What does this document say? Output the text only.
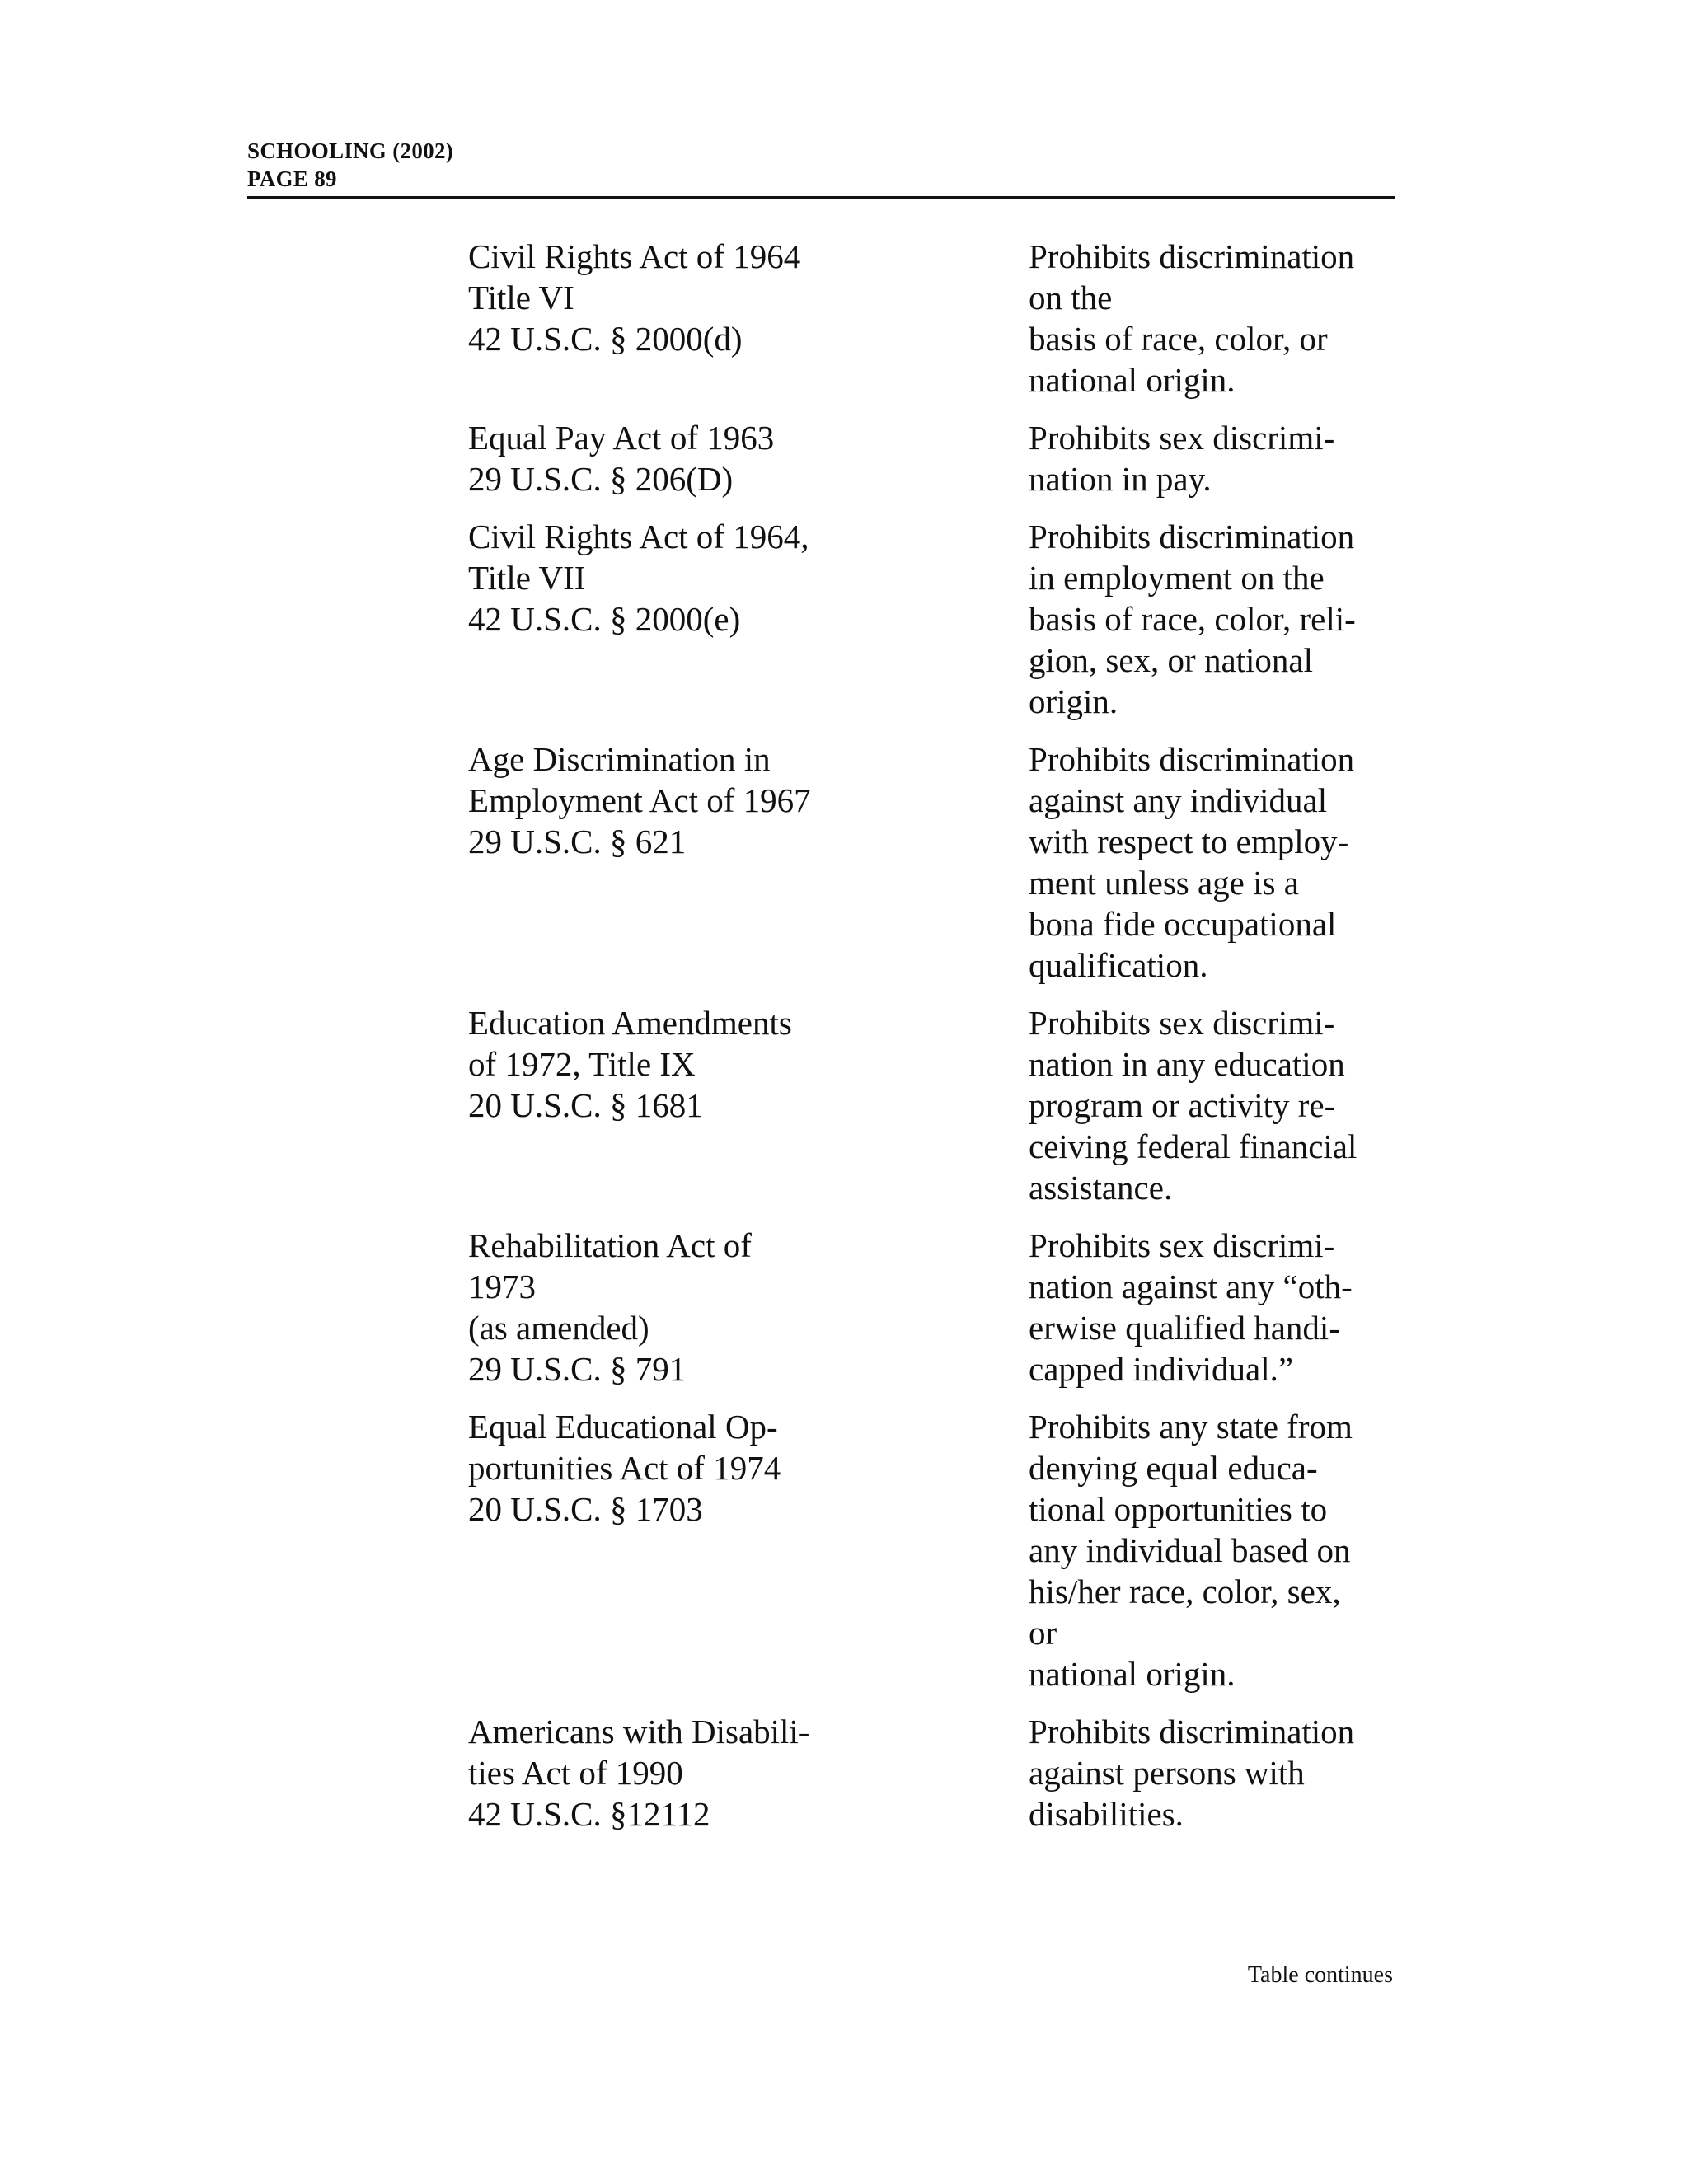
SCHOOLING (2002)
PAGE 89
Civil Rights Act of 1964
Title VI
42 U.S.C. § 2000(d)
Prohibits discrimination
on the
basis of race, color, or
national origin.
Equal Pay Act of 1963
29 U.S.C. § 206(D)
Prohibits sex discrimi-
nation in pay.
Civil Rights Act of 1964,
Title VII
42 U.S.C. § 2000(e)
Prohibits discrimination
in employment on the
basis of race, color, reli-
gion, sex, or national
origin.
Age Discrimination in
Employment Act of 1967
29 U.S.C. § 621
Prohibits discrimination
against any individual
with respect to employ-
ment unless age is a
bona fide occupational
qualification.
Education Amendments
of 1972, Title IX
20 U.S.C. § 1681
Prohibits sex discrimi-
nation in any education
program or activity re-
ceiving federal financial
assistance.
Rehabilitation Act of
1973
(as amended)
29 U.S.C. § 791
Prohibits sex discrimi-
nation against any “oth-
erwise qualified handi-
capped individual.”
Equal Educational Op-
portunities Act of 1974
20 U.S.C. § 1703
Prohibits any state from
denying equal educa-
tional opportunities to
any individual based on
his/her race, color, sex,
or
national origin.
Americans with Disabili-
ties Act of 1990
42 U.S.C. §12112
Prohibits discrimination
against persons with
disabilities.
Table continues
